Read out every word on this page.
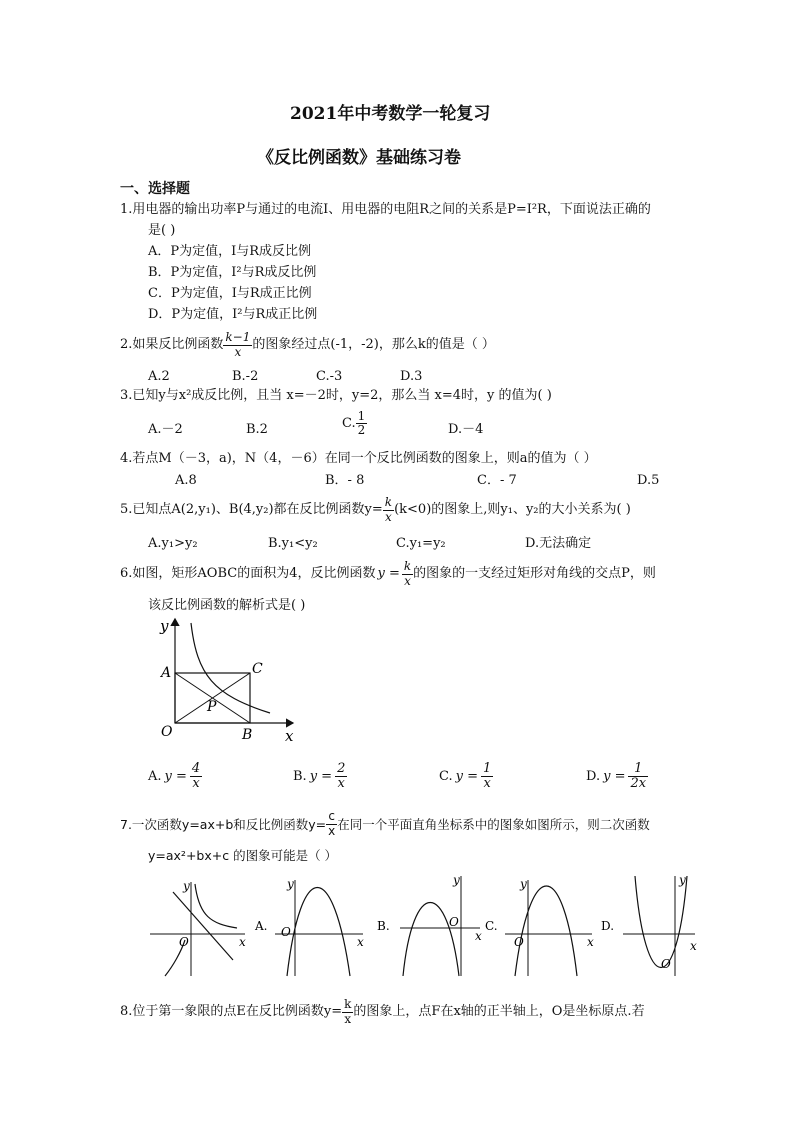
2021年中考数学一轮复习
《反比例函数》基础练习卷
一、选择题
1.用电器的输出功率P与通过的电流I、用电器的电阻R之间的关系是P=I²R，下面说法正确的
是( )
A．P为定值，I与R成反比例
B．P为定值，I²与R成反比例
C．P为定值，I与R成正比例
D．P为定值，I²与R成正比例
2.如果反比例函数 $\frac{k-1}{x}$ 的图象经过点(-1，-2)，那么k的值是（ ）
A.2	B.-2	C.-3	D.3
3.已知y与x²成反比例，且当 x=－2时，y=2，那么当 x=4时，y 的值为( )
A.－2	B.2	C. $\frac{1}{2}$	D.－4
4.若点M（－3，a)，N（4，－6）在同一个反比例函数的图象上，则a的值为（ ）
A.8	B．- 8	C．- 7	D.5
5.已知点A(2,y₁)、B(4,y₂)都在反比例函数$y= \frac{k}{x} (k<0)$的图象上,则y₁、y₂的大小关系为( )
A.y₁>y₂	B.y₁<y₂	C.y₁=y₂	D.无法确定
6.如图，矩形AOBC的面积为4，反比例函数 $y = \frac{k}{x}$ 的图象的一支经过矩形对角线的交点P，则
该反比例函数的解析式是( )
y
x
A	C
P
O	B
A. $y = \frac{4}{x}$	B. $y = \frac{2}{x}$	C. $y = \frac{1}{x}$	D. $y = \frac{1}{2x}$
7.一次函数y=ax+b和反比例函数$y= \frac{c}{x}$ 在同一个平面直角坐标系中的图象如图所示，则二次函数
y=ax²+bx+c 的图象可能是（ ）
y
x
O
A.
y
x
O	B.
y
x
O C.
y
x
O
D.
y
x
O
8.位于第一象限的点E在反比例函数$y= \frac{k}{x}$ 的图象上，点F在x轴的正半轴上，O是坐标原点.若
